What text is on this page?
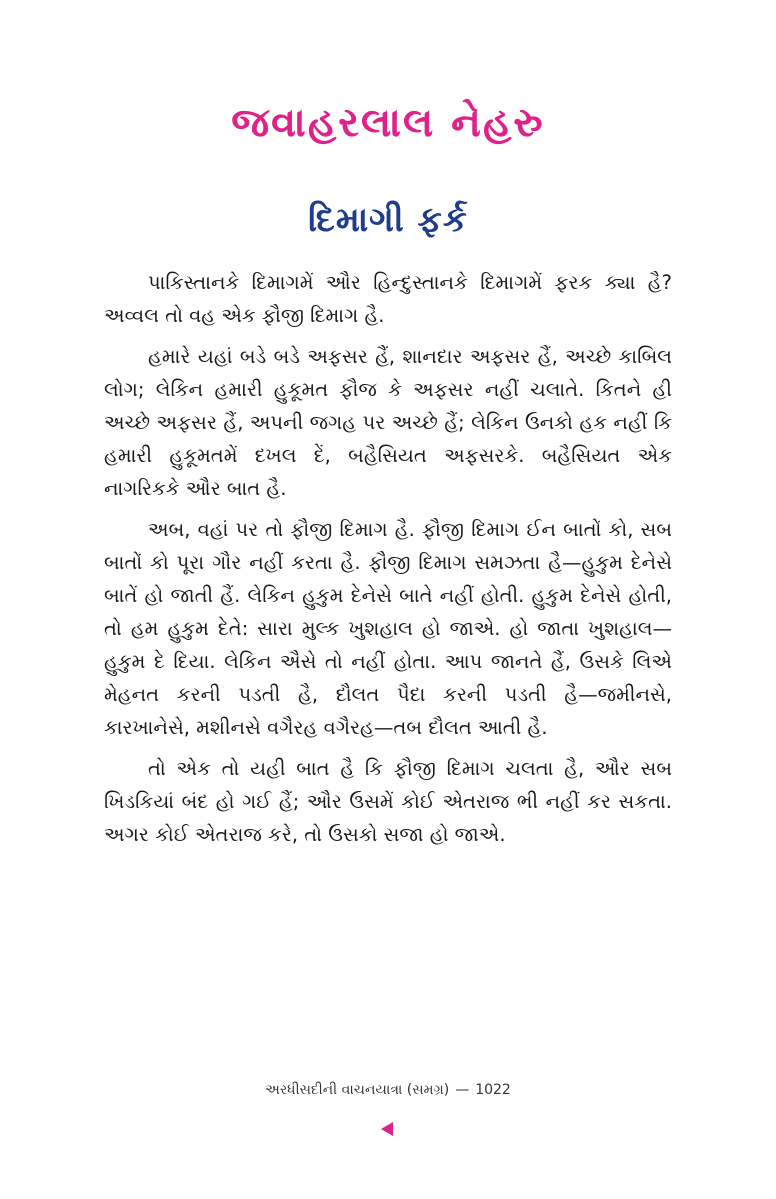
જવાહરલાલ નેહરુ
દિમાગી ફર્ક

પાકિસ્તાનકે દિમાગમેં ઔર હિન્દુસ્તાનકે દિમાગમેં ફરક ક્યા હૈ? અવ્વલ તો વહ એક ફૌજી દિમાગ હૈ.

હમારે યહાં બડે બડે અફસર હૈં, શાનદાર અફસર હૈં, અચ્છે કાબિલ લોગ; લેકિન હમારી હુકૂમત ફૌજ કે અફસર નહીં ચલાતે. કિતને હી અચ્છે અફસર હૈં, અપની જગહ પર અચ્છે હૈં; લેકિન ઉનકો હક નહીં કિ હમારી હુકૂમતમેં દખલ દેં, બહૈસિયત અફસરકે. બહૈસિયત એક નાગરિકકે ઔર બાત હૈ.

અબ, વહાં પર તો ફૌજી દિમાગ હૈ. ફૌજી દિમાગ ઈન બાતોં કો, સબ બાતોં કો પૂરા ગૌર નહીં કરતા હૈ. ફૌજી દિમાગ સમઝતા હૈ—હુકુમ દેનેસે બાતેં હો જાતી હૈં. લેકિન હુકુમ દેનેસે બાતે નહીં હોતી. હુકુમ દેનેસે હોતી, તો હમ હુકુમ દેતે: સારા મુલ્ક ખુશહાલ હો જાએ. હો જાતા ખુશહાલ—હુકુમ દે દિયા. લેકિન ઐસે તો નહીં હોતા. આપ જાનતે હૈં, ઉસકે લિએ મેહનત કરની પડતી હૈ, દૌલત પૈદા કરની પડતી હૈ—જમીનસે, કારખાનેસે, મશીનસે વગૈરહ વગૈરહ—તબ દૌલત આતી હૈ.

તો એક તો યહી બાત હૈ કિ ફૌજી દિમાગ ચલતા હૈ, ઔર સબ ખિડકિયાં બંદ હો ગઈ હૈં; ઔર ઉસમેં કોઈ એતરાજ ભી નહીં કર સકતા. અગર કોઈ એતરાજ કરે, તો ઉસકો સજા હો જાએ.

અરધીસદીની વાચનયાત્રા (સમગ્ર) — 1022
